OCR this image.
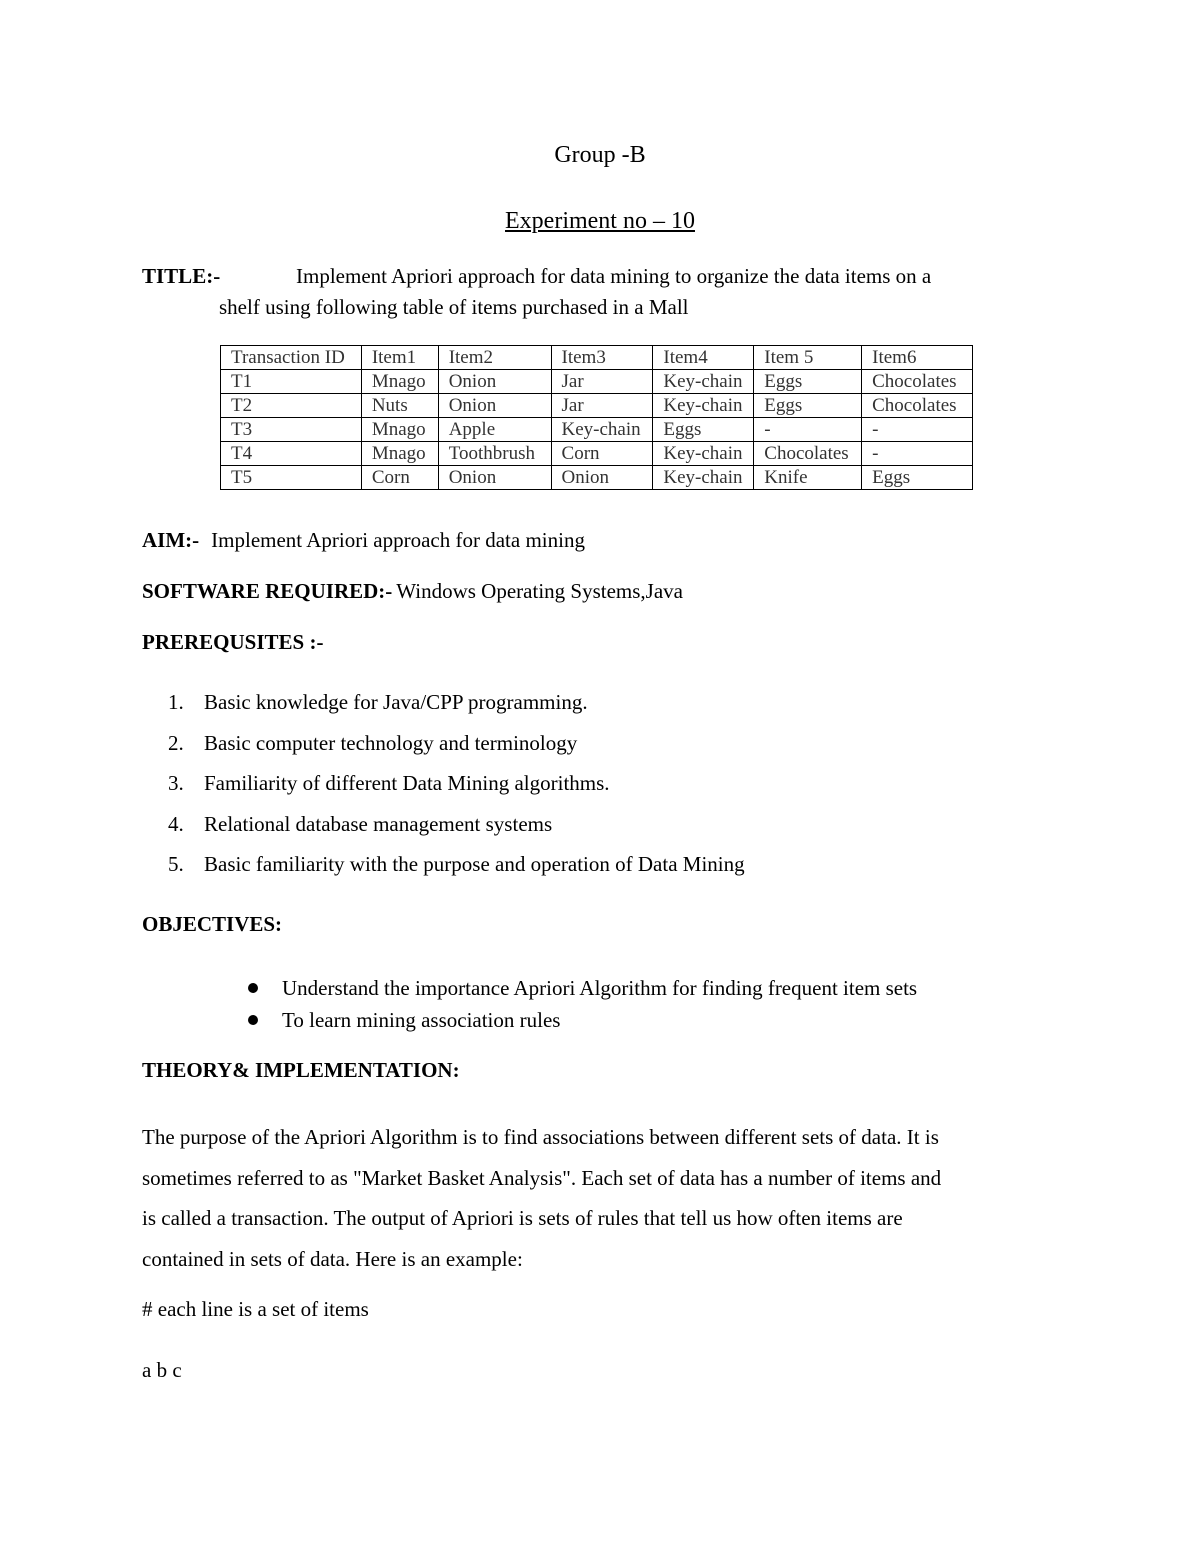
Group -B
Experiment no – 10
TITLE:-	Implement Apriori approach for data mining to organize the data items on a
shelf using following table of items purchased in a Mall
Transaction ID	Item1	Item2	Item3	Item4	Item 5	Item6
T1	Mnago	Onion	Jar	Key-chain	Eggs	Chocolates
T2	Nuts	Onion	Jar	Key-chain	Eggs	Chocolates
T3	Mnago	Apple	Key-chain	Eggs	-	-
T4	Mnago	Toothbrush	Corn	Key-chain	Chocolates	-
T5	Corn	Onion	Onion	Key-chain	Knife	Eggs
AIM:- Implement Apriori approach for data mining
SOFTWARE REQUIRED:- Windows Operating Systems,Java
PREREQUSITES :-
1. Basic knowledge for Java/CPP programming.
2. Basic computer technology and terminology
3. Familiarity of different Data Mining algorithms.
4. Relational database management systems
5. Basic familiarity with the purpose and operation of Data Mining
OBJECTIVES:
Understand the importance Apriori Algorithm for finding frequent item sets
To learn mining association rules
THEORY& IMPLEMENTATION:
The purpose of the Apriori Algorithm is to find associations between different sets of data. It is
sometimes referred to as "Market Basket Analysis". Each set of data has a number of items and
is called a transaction. The output of Apriori is sets of rules that tell us how often items are
contained in sets of data. Here is an example:
# each line is a set of items
a b c
